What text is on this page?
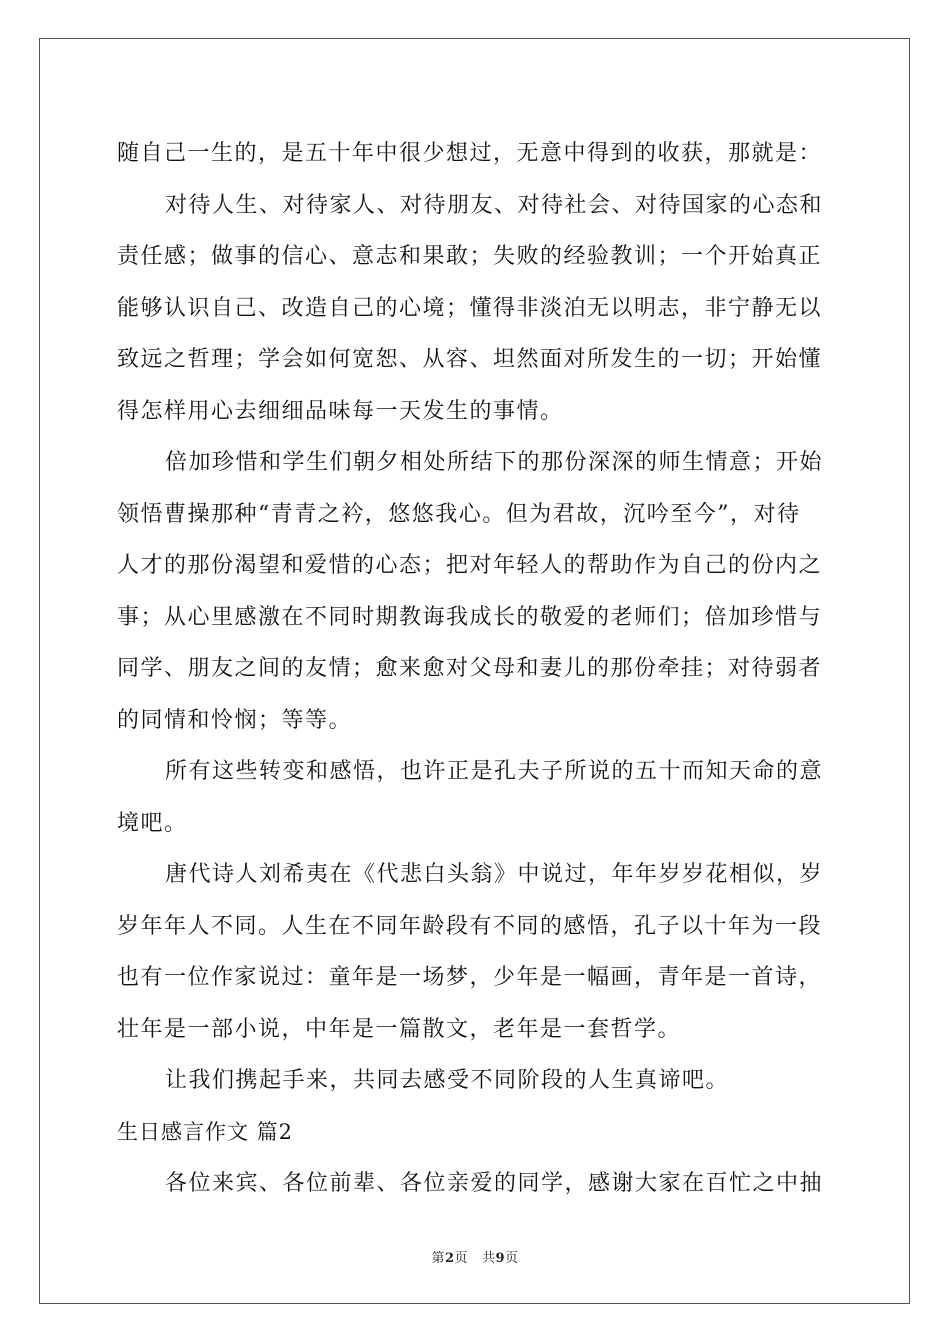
随自己一生的，是五十年中很少想过，无意中得到的收获，那就是：
对待人生、对待家人、对待朋友、对待社会、对待国家的心态和
责任感；做事的信心、意志和果敢；失败的经验教训；一个开始真正
能够认识自己、改造自己的心境；懂得非淡泊无以明志，非宁静无以
致远之哲理；学会如何宽恕、从容、坦然面对所发生的一切；开始懂
得怎样用心去细细品味每一天发生的事情。
倍加珍惜和学生们朝夕相处所结下的那份深深的师生情意；开始
领悟曹操那种“青青之衿，悠悠我心。但为君故，沉吟至今”，对待
人才的那份渴望和爱惜的心态；把对年轻人的帮助作为自己的份内之
事；从心里感激在不同时期教诲我成长的敬爱的老师们；倍加珍惜与
同学、朋友之间的友情；愈来愈对父母和妻儿的那份牵挂；对待弱者
的同情和怜悯；等等。
所有这些转变和感悟，也许正是孔夫子所说的五十而知天命的意
境吧。
唐代诗人刘希夷在《代悲白头翁》中说过，年年岁岁花相似，岁
岁年年人不同。人生在不同年龄段有不同的感悟，孔子以十年为一段
也有一位作家说过：童年是一场梦，少年是一幅画，青年是一首诗，
壮年是一部小说，中年是一篇散文，老年是一套哲学。
让我们携起手来，共同去感受不同阶段的人生真谛吧。
生日感言作文 篇2
各位来宾、各位前辈、各位亲爱的同学，感谢大家在百忙之中抽
第2页 共9页
